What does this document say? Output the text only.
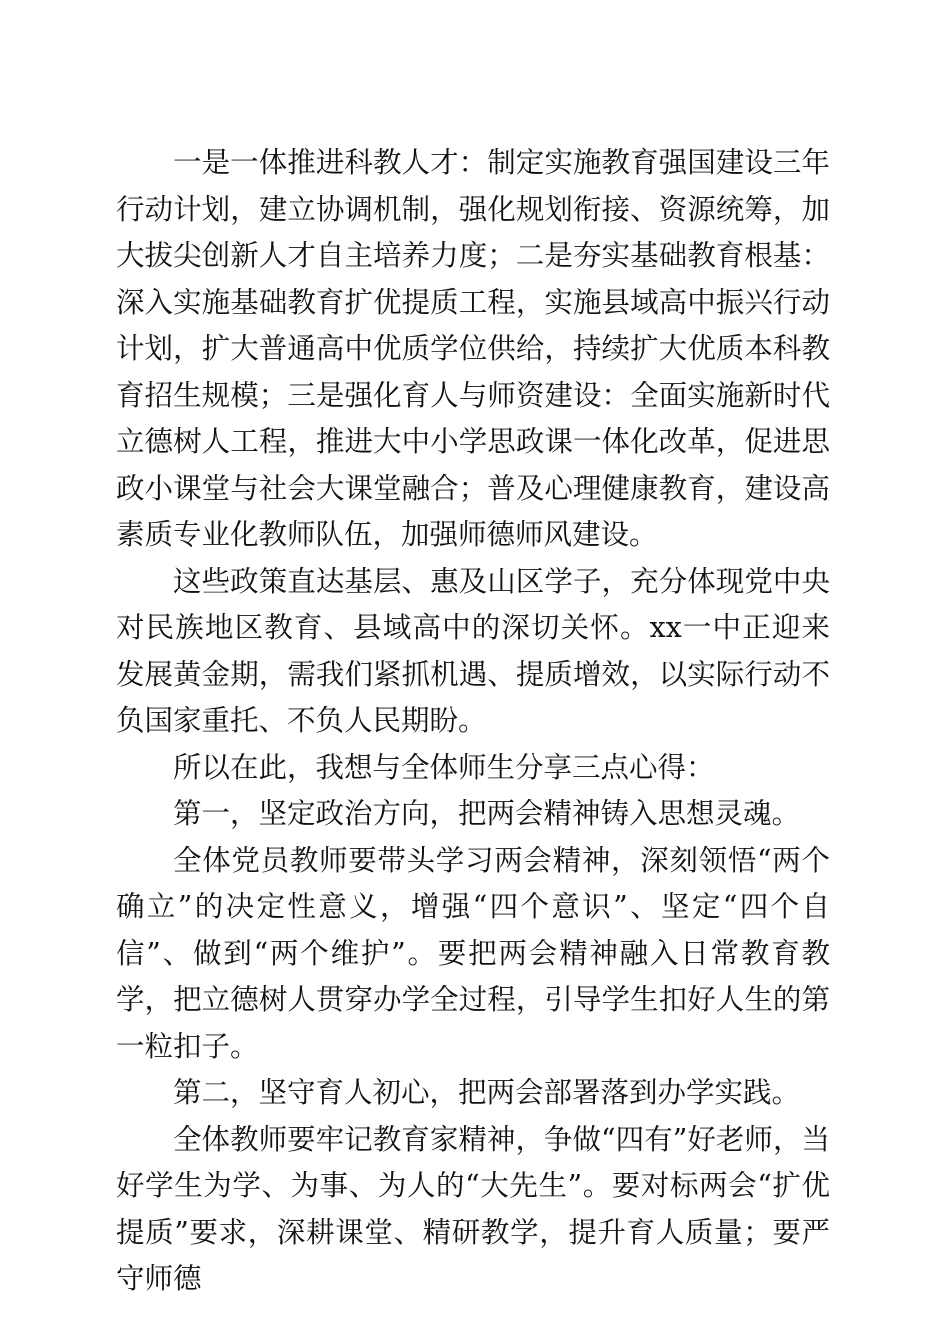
一是一体推进科教人才：制定实施教育强国建设三年行动计划，建立协调机制，强化规划衔接、资源统筹，加大拔尖创新人才自主培养力度；二是夯实基础教育根基：深入实施基础教育扩优提质工程，实施县域高中振兴行动计划，扩大普通高中优质学位供给，持续扩大优质本科教育招生规模；三是强化育人与师资建设：全面实施新时代立德树人工程，推进大中小学思政课一体化改革，促进思政小课堂与社会大课堂融合；普及心理健康教育，建设高素质专业化教师队伍，加强师德师风建设。

这些政策直达基层、惠及山区学子，充分体现党中央对民族地区教育、县域高中的深切关怀。xx一中正迎来发展黄金期，需我们紧抓机遇、提质增效，以实际行动不负国家重托、不负人民期盼。

所以在此，我想与全体师生分享三点心得：

第一，坚定政治方向，把两会精神铸入思想灵魂。

全体党员教师要带头学习两会精神，深刻领悟“两个确立”的决定性意义，增强“四个意识”、坚定“四个自信”、做到“两个维护”。要把两会精神融入日常教育教学，把立德树人贯穿办学全过程，引导学生扣好人生的第一粒扣子。

第二，坚守育人初心，把两会部署落到办学实践。

全体教师要牢记教育家精神，争做“四有”好老师，当好学生为学、为事、为人的“大先生”。要对标两会“扩优提质”要求，深耕课堂、精研教学，提升育人质量；要严守师德
